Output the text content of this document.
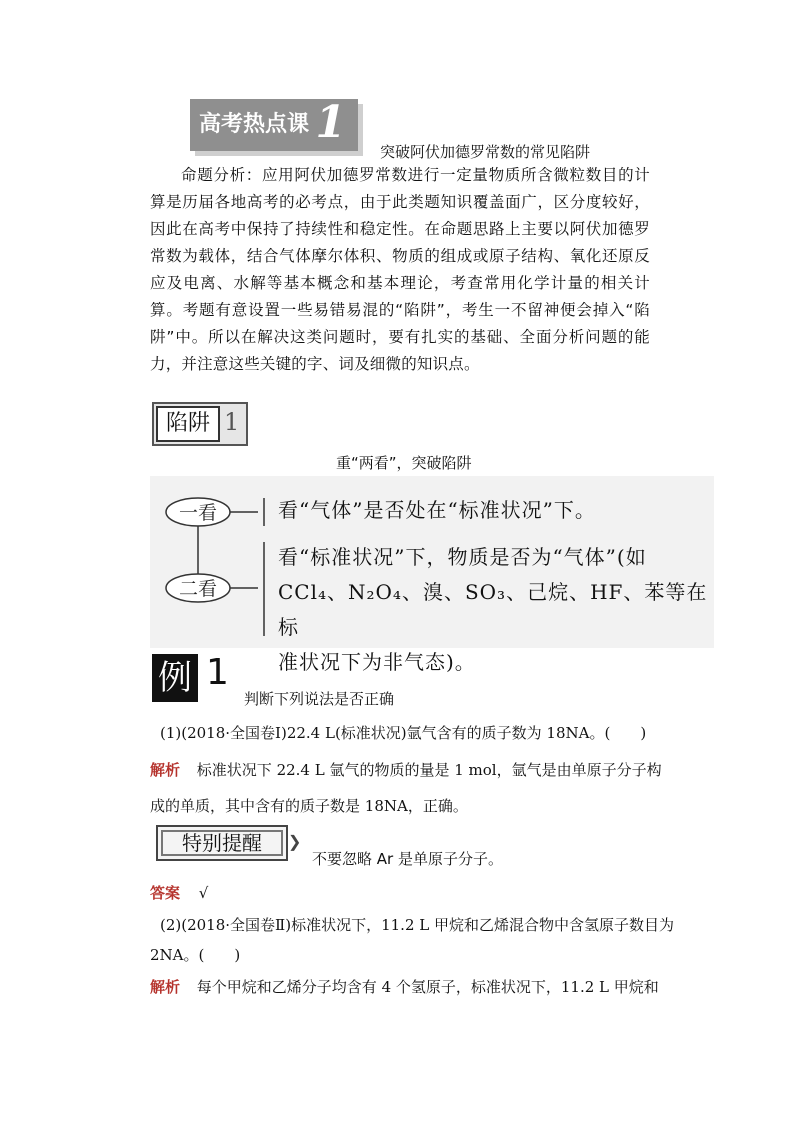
高考热点课 1
突破阿伏加德罗常数的常见陷阱
命题分析：应用阿伏加德罗常数进行一定量物质所含微粒数目的计算是历届各地高考的必考点，由于此类题知识覆盖面广，区分度较好，因此在高考中保持了持续性和稳定性。在命题思路上主要以阿伏加德罗常数为载体，结合气体摩尔体积、物质的组成或原子结构、氧化还原反应及电离、水解等基本概念和基本理论，考查常用化学计量的相关计算。考题有意设置一些易错易混的“陷阱”，考生一不留神便会掉入“陷阱”中。所以在解决这类问题时，要有扎实的基础、全面分析问题的能力，并注意这些关键的字、词及细微的知识点。
陷阱 1
重“两看”，突破陷阱
一看
二看
看“气体”是否处在“标准状况”下。
看“标准状况”下，物质是否为“气体”(如
CCl₄、N₂O₄、溴、SO₃、己烷、HF、苯等在标
准状况下为非气态)。
例 1
判断下列说法是否正确
(1)(2018·全国卷Ⅰ)22.4 L(标准状况)氩气含有的质子数为 18NA。(　　)
解析 标准状况下 22.4 L 氩气的物质的量是 1 mol，氩气是由单原子分子构
成的单质，其中含有的质子数是 18NA，正确。
特别提醒	❯
不要忽略 Ar 是单原子分子。
答案 √
(2)(2018·全国卷Ⅱ)标准状况下，11.2 L 甲烷和乙烯混合物中含氢原子数目为
2NA。(　　)
解析 每个甲烷和乙烯分子均含有 4 个氢原子，标准状况下，11.2 L 甲烷和
